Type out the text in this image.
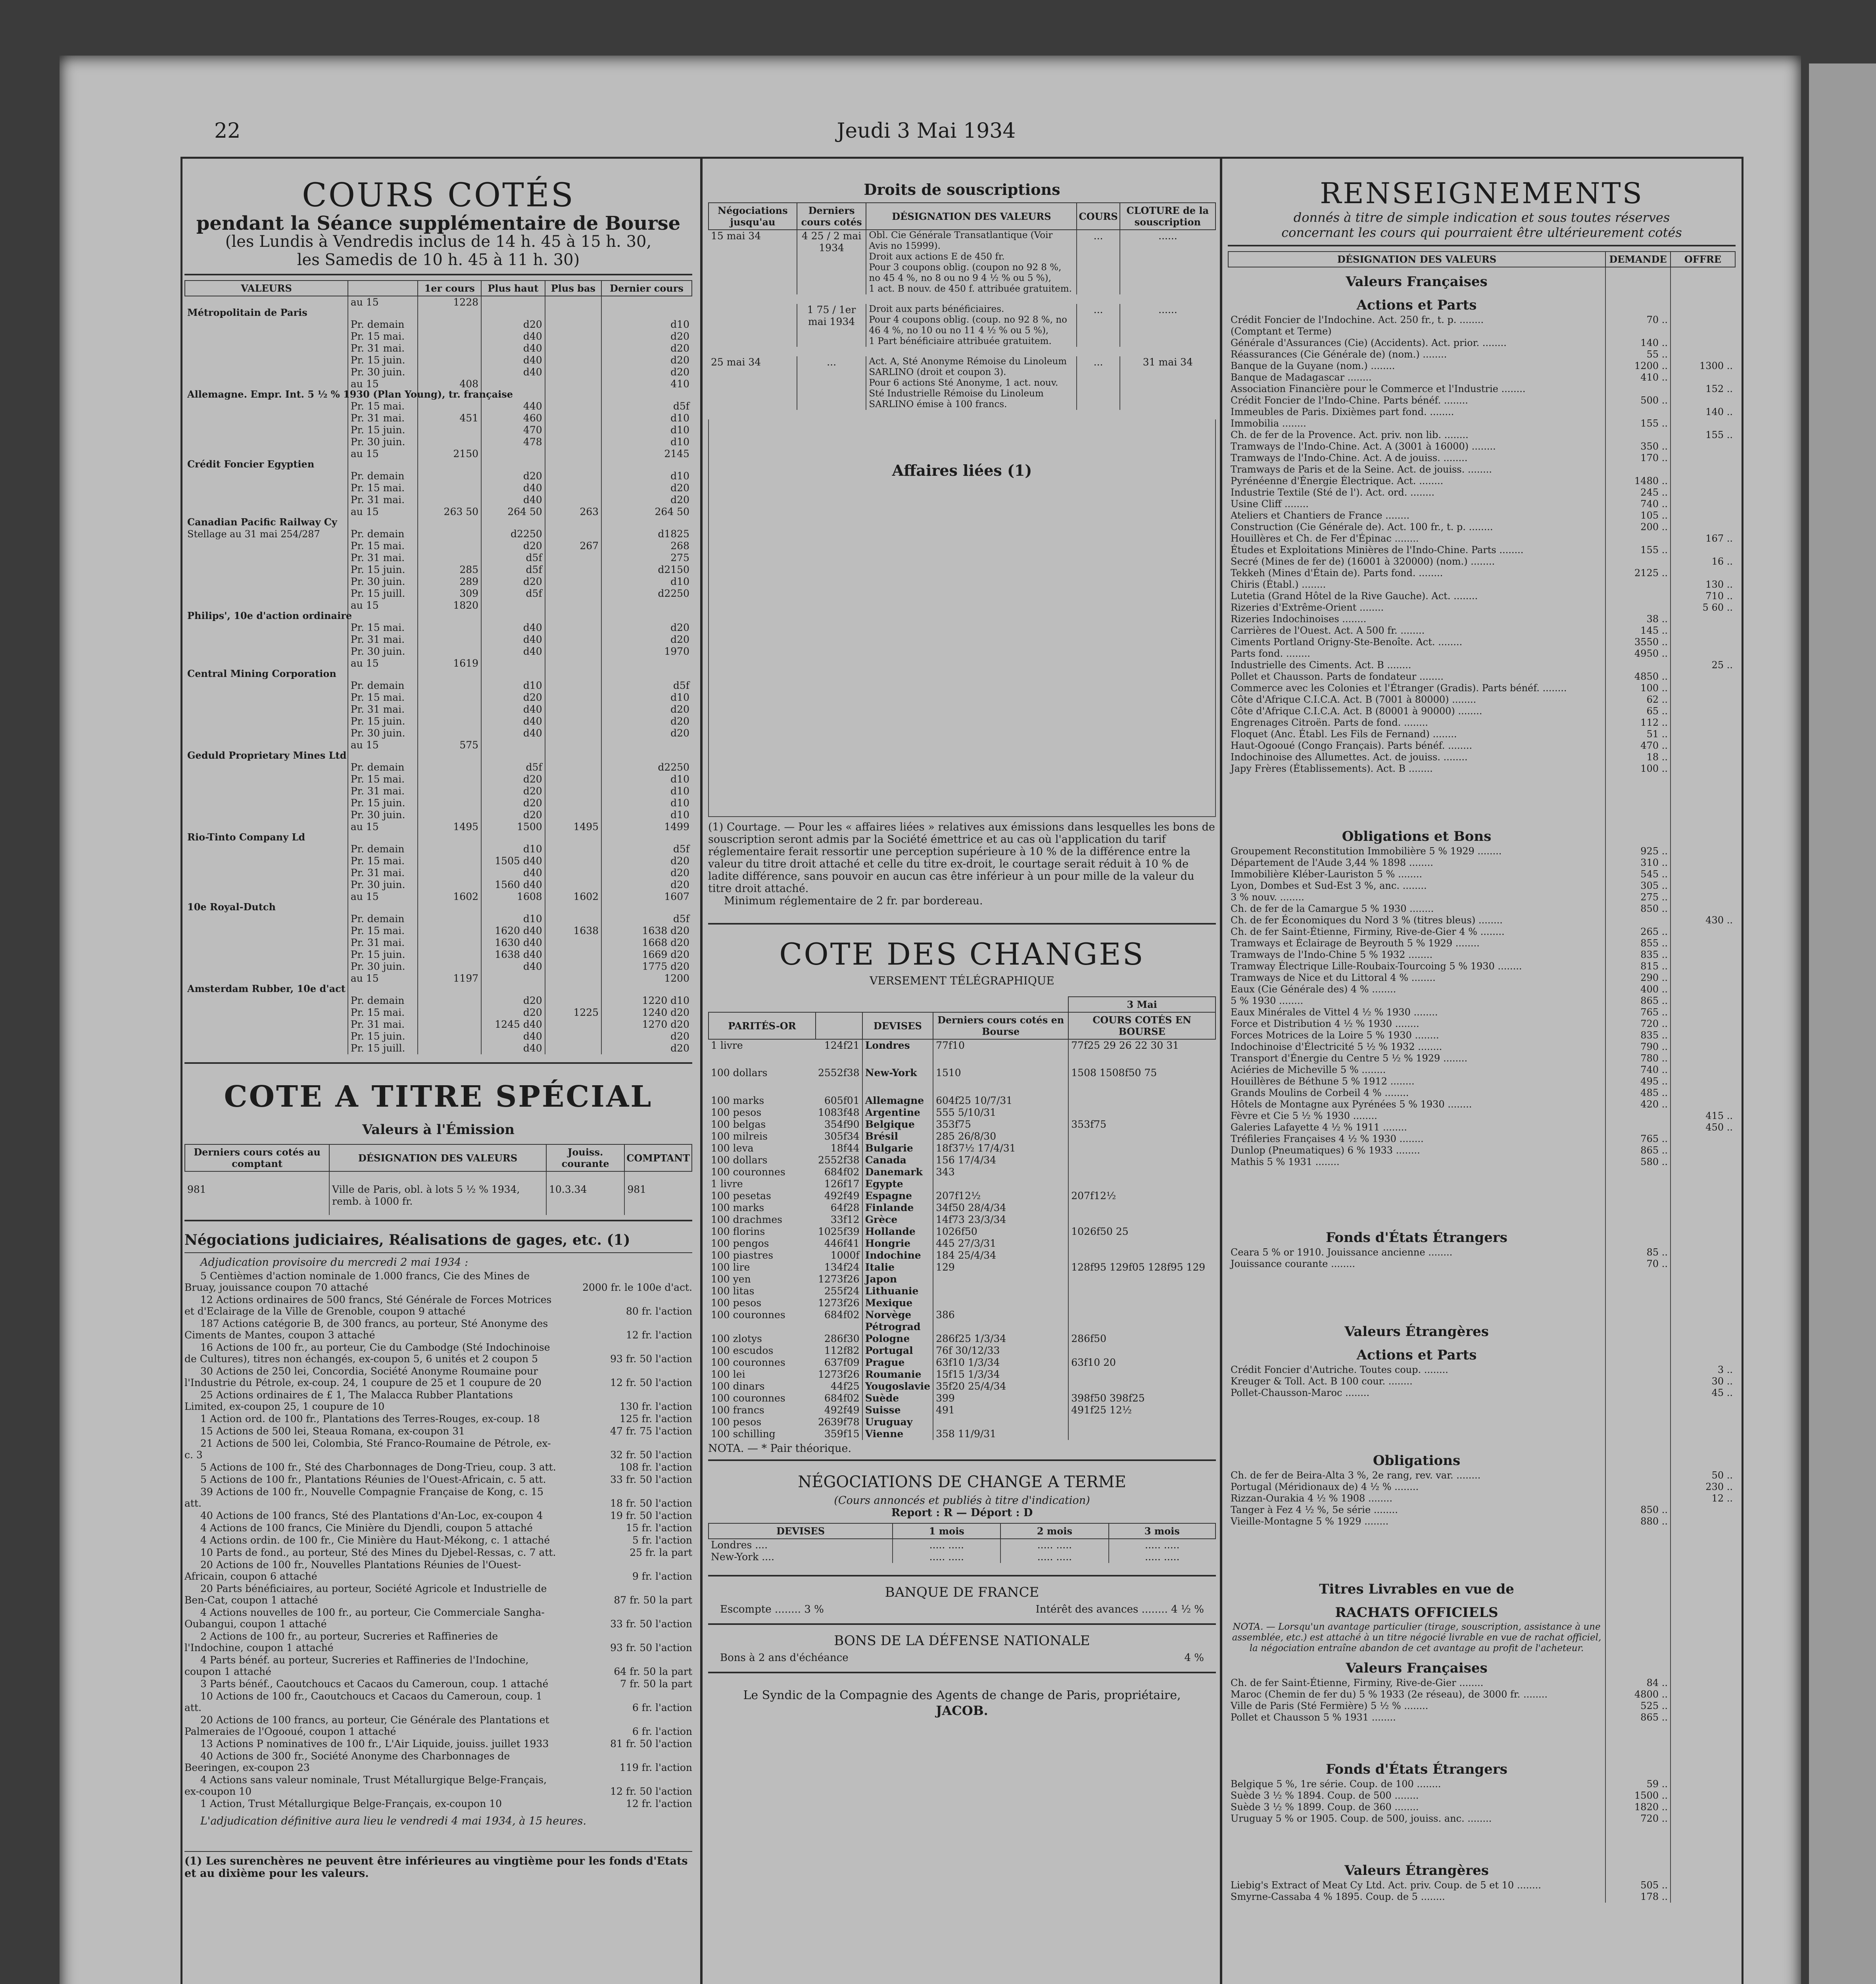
22	Jeudi 3 Mai 1934
COURS COTÉS
pendant la Séance supplémentaire de Bourse
(les Lundis à Vendredis inclus de 14 h. 45 à 15 h. 30,
les Samedis de 10 h. 45 à 11 h. 30)
VALEURS		1er cours	Plus haut	Plus bas	Dernier cours
Métropolitain de Paris	au 15	1228			
	Pr. demain		d20		d10
	Pr. 15 mai.		d40		d20
	Pr. 31 mai.		d40		d20
	Pr. 15 juin.		d40		d20
	Pr. 30 juin.		d40		d20
Allemagne. Empr. Int. 5 ½ % 1930 (Plan Young), tr. française	au 15	408			410
	Pr. 15 mai.		440		d5f
	Pr. 31 mai.	451	460		d10
	Pr. 15 juin.		470		d10
	Pr. 30 juin.		478		d10
Crédit Foncier Egyptien	au 15	2150			2145
	Pr. demain		d20		d10
	Pr. 15 mai.		d40		d20
	Pr. 31 mai.		d40		d20
Canadian Pacific Railway Cy	au 15	263 50	264 50	263	264 50
Stellage au 31 mai 254/287	Pr. demain		d2250		d1825
	Pr. 15 mai.		d20	267	268
	Pr. 31 mai.		d5f		275
	Pr. 15 juin.	285	d5f		d2150
	Pr. 30 juin.	289	d20		d10
	Pr. 15 juill.	309	d5f		d2250
Philips', 10e d'action ordinaire	au 15	1820			
	Pr. 15 mai.		d40		d20
	Pr. 31 mai.		d40		d20
	Pr. 30 juin.		d40		1970
Central Mining Corporation	au 15	1619			
	Pr. demain		d10		d5f
	Pr. 15 mai.		d20		d10
	Pr. 31 mai.		d40		d20
	Pr. 15 juin.		d40		d20
	Pr. 30 juin.		d40		d20
Geduld Proprietary Mines Ltd	au 15	575			
	Pr. demain		d5f		d2250
	Pr. 15 mai.		d20		d10
	Pr. 31 mai.		d20		d10
	Pr. 15 juin.		d20		d10
	Pr. 30 juin.		d20		d10
Rio-Tinto Company Ld	au 15	1495	1500	1495	1499
	Pr. demain		d10		d5f
	Pr. 15 mai.		1505 d40		d20
	Pr. 31 mai.		d40		d20
	Pr. 30 juin.		1560 d40		d20
10e Royal-Dutch	au 15	1602	1608	1602	1607
	Pr. demain		d10		d5f
	Pr. 15 mai.		1620 d40	1638	1638 d20
	Pr. 31 mai.		1630 d40		1668 d20
	Pr. 15 juin.		1638 d40		1669 d20
	Pr. 30 juin.		d40		1775 d20
Amsterdam Rubber, 10e d'act	au 15	1197			1200
	Pr. demain		d20		1220 d10
	Pr. 15 mai.		d20	1225	1240 d20
	Pr. 31 mai.		1245 d40		1270 d20
	Pr. 15 juin.		d40		d20
	Pr. 15 juill.		d40		d20
COTE A TITRE SPÉCIAL
Valeurs à l'Émission
Derniers cours cotés au comptant	DÉSIGNATION DES VALEURS	Jouiss. courante	COMPTANT
981	Ville de Paris, obl. à lots 5 ½ % 1934, remb. à 1000 fr.	10.3.34	981
Négociations judiciaires, Réalisations de gages, etc. (1)
Adjudication provisoire du mercredi 2 mai 1934 :
5 Centièmes d'action nominale de 1.000 francs, Cie des Mines de Bruay, jouissance coupon 70 attaché	2000 fr. le 100e d'act.
12 Actions ordinaires de 500 francs, Sté Générale de Forces Motrices et d'Eclairage de la Ville de Grenoble, coupon 9 attaché	80 fr. l'action
187 Actions catégorie B, de 300 francs, au porteur, Sté Anonyme des Ciments de Mantes, coupon 3 attaché	12 fr. l'action
16 Actions de 100 fr., au porteur, Cie du Cambodge (Sté Indochinoise de Cultures), titres non échangés, ex-coupon 5, 6 unités et 2 coupon 5	93 fr. 50 l'action
30 Actions de 250 lei, Concordia, Société Anonyme Roumaine pour l'Industrie du Pétrole, ex-coup. 24, 1 coupure de 25 et 1 coupure de 20	12 fr. 50 l'action
25 Actions ordinaires de £ 1, The Malacca Rubber Plantations Limited, ex-coupon 25, 1 coupure de 10	130 fr. l'action
1 Action ord. de 100 fr., Plantations des Terres-Rouges, ex-coup. 18	125 fr. l'action
15 Actions de 500 lei, Steaua Romana, ex-coupon 31	47 fr. 75 l'action
21 Actions de 500 lei, Colombia, Sté Franco-Roumaine de Pétrole, ex-c. 3	32 fr. 50 l'action
5 Actions de 100 fr., Sté des Charbonnages de Dong-Trieu, coup. 3 att.	108 fr. l'action
5 Actions de 100 fr., Plantations Réunies de l'Ouest-Africain, c. 5 att.	33 fr. 50 l'action
39 Actions de 100 fr., Nouvelle Compagnie Française de Kong, c. 15 att.	18 fr. 50 l'action
40 Actions de 100 francs, Sté des Plantations d'An-Loc, ex-coupon 4	19 fr. 50 l'action
4 Actions de 100 francs, Cie Minière du Djendli, coupon 5 attaché	15 fr. l'action
4 Actions ordin. de 100 fr., Cie Minière du Haut-Mékong, c. 1 attaché	5 fr. l'action
10 Parts de fond., au porteur, Sté des Mines du Djebel-Ressas, c. 7 att.	25 fr. la part
20 Actions de 100 fr., Nouvelles Plantations Réunies de l'Ouest-Africain, coupon 6 attaché	9 fr. l'action
20 Parts bénéficiaires, au porteur, Société Agricole et Industrielle de Ben-Cat, coupon 1 attaché	87 fr. 50 la part
4 Actions nouvelles de 100 fr., au porteur, Cie Commerciale Sangha-Oubangui, coupon 1 attaché	33 fr. 50 l'action
2 Actions de 100 fr., au porteur, Sucreries et Raffineries de l'Indochine, coupon 1 attaché	93 fr. 50 l'action
4 Parts bénéf. au porteur, Sucreries et Raffineries de l'Indochine, coupon 1 attaché	64 fr. 50 la part
3 Parts bénéf., Caoutchoucs et Cacaos du Cameroun, coup. 1 attaché	7 fr. 50 la part
10 Actions de 100 fr., Caoutchoucs et Cacaos du Cameroun, coup. 1 att.	6 fr. l'action
20 Actions de 100 francs, au porteur, Cie Générale des Plantations et Palmeraies de l'Ogooué, coupon 1 attaché	6 fr. l'action
13 Actions P nominatives de 100 fr., L'Air Liquide, jouiss. juillet 1933	81 fr. 50 l'action
40 Actions de 300 fr., Société Anonyme des Charbonnages de Beeringen, ex-coupon 23	119 fr. l'action
4 Actions sans valeur nominale, Trust Métallurgique Belge-Français, ex-coupon 10	12 fr. 50 l'action
1 Action, Trust Métallurgique Belge-Français, ex-coupon 10	12 fr. l'action
L'adjudication définitive aura lieu le vendredi 4 mai 1934, à 15 heures.
(1) Les surenchères ne peuvent être inférieures au vingtième pour les fonds d'Etats et au dixième pour les valeurs.
Droits de souscriptions
Négociations jusqu'au	Derniers cours cotés	DÉSIGNATION DES VALEURS	COURS	CLOTURE de la souscription
15 mai 34	4 25 / 2 mai 1934	Obl. Cie Générale Transatlantique (Voir Avis no 15999).
Droit aux actions E de 450 fr.
Pour 3 coupons oblig. (coupon no 92 8 %, no 45 4 %, no 8 ou no 9 4 ½ % ou 5 %),
1 act. B nouv. de 450 f. attribuée gratuitem.	...	......

	1 75 / 1er mai 1934	Droit aux parts bénéficiaires.
Pour 4 coupons oblig. (coup. no 92 8 %, no 46 4 %, no 10 ou no 11 4 ½ % ou 5 %),
1 Part bénéficiaire attribuée gratuitem.	...	......

25 mai 34	...	Act. A, Sté Anonyme Rémoise du Linoleum SARLINO (droit et coupon 3).
Pour 6 actions Sté Anonyme, 1 act. nouv. Sté Industrielle Rémoise du Linoleum SARLINO émise à 100 francs.	...	31 mai 34

Affaires liées (1)
(1) Courtage. — Pour les « affaires liées » relatives aux émissions dans lesquelles les bons de souscription seront admis par la Société émettrice et au cas où l'application du tarif réglementaire ferait ressortir une perception supérieure à 10 % de la différence entre la valeur du titre droit attaché et celle du titre ex-droit, le courtage serait réduit à 10 % de ladite différence, sans pouvoir en aucun cas être inférieur à un pour mille de la valeur du titre droit attaché.
Minimum réglementaire de 2 fr. par bordereau.
COTE DES CHANGES
VERSEMENT TÉLÉGRAPHIQUE
				3 Mai
PARITÉS-OR		DEVISES	Derniers cours cotés en Bourse	COURS COTÉS EN BOURSE
1 livre	124f21	Londres	77f10	77f25 29 26 22 30 31
100 dollars	2552f38	New-York	1510	1508 1508f50 75
100 marks	605f01	Allemagne	604f25 10/7/31	
100 pesos	1083f48	Argentine	555 5/10/31	
100 belgas	354f90	Belgique	353f75	353f75
100 milreis	305f34	Brésil	285 26/8/30	
100 leva	18f44	Bulgarie	18f37½ 17/4/31	
100 dollars	2552f38	Canada	156 17/4/34	
100 couronnes	684f02	Danemark	343	
1 livre	126f17	Egypte		
100 pesetas	492f49	Espagne	207f12½	207f12½
100 marks	64f28	Finlande	34f50 28/4/34	
100 drachmes	33f12	Grèce	14f73 23/3/34	
100 florins	1025f39	Hollande	1026f50	1026f50 25
100 pengos	446f41	Hongrie	445 27/3/31	
100 piastres	1000f	Indochine	184 25/4/34	
100 lire	134f24	Italie	129	128f95 129f05 128f95 129
100 yen	1273f26	Japon		
100 litas	255f24	Lithuanie		
100 pesos	1273f26	Mexique		
100 couronnes	684f02	Norvège	386	
		Pétrograd		
100 zlotys	286f30	Pologne	286f25 1/3/34	286f50
100 escudos	112f82	Portugal	76f 30/12/33	
100 couronnes	637f09	Prague	63f10 1/3/34	63f10 20
100 lei	1273f26	Roumanie	15f15 1/3/34	
100 dinars	44f25	Yougoslavie	35f20 25/4/34	
100 couronnes	684f02	Suède	399	398f50 398f25
100 francs	492f49	Suisse	491	491f25 12½
100 pesos	2639f78	Uruguay		
100 schilling	359f15	Vienne	358 11/9/31	
NOTA. — * Pair théorique.
NÉGOCIATIONS DE CHANGE A TERME
(Cours annoncés et publiés à titre d'indication)
Report : R — Déport : D
DEVISES	1 mois	2 mois	3 mois
Londres ....	..... .....	..... .....	..... .....
New-York ....	..... .....	..... .....	..... .....
BANQUE DE FRANCE
Escompte ........ 3 %	Intérêt des avances ........ 4 ½ %
BONS DE LA DÉFENSE NATIONALE
Bons à 2 ans d'échéance	4 %
Le Syndic de la Compagnie des Agents de change de Paris, propriétaire,
JACOB.
RENSEIGNEMENTS
donnés à titre de simple indication et sous toutes réserves
concernant les cours qui pourraient être ultérieurement cotés
DÉSIGNATION DES VALEURS	DEMANDE	OFFRE
Valeurs Françaises		
Actions et Parts		
Crédit Foncier de l'Indochine. Act. 250 fr., t. p. ........	70 ..	
(Comptant et Terme)		
Générale d'Assurances (Cie) (Accidents). Act. prior. ........	140 ..	
Réassurances (Cie Générale de) (nom.) ........	55 ..	
Banque de la Guyane (nom.) ........	1200 ..	1300 ..
Banque de Madagascar ........	410 ..	
Association Financière pour le Commerce et l'Industrie ........		152 ..
Crédit Foncier de l'Indo-Chine. Parts bénéf. ........	500 ..	
Immeubles de Paris. Dixièmes part fond. ........		140 ..
Immobilia ........	155 ..	
Ch. de fer de la Provence. Act. priv. non lib. ........		155 ..
Tramways de l'Indo-Chine. Act. A (3001 à 16000) ........	350 ..	
Tramways de l'Indo-Chine. Act. A de jouiss. ........	170 ..	
Tramways de Paris et de la Seine. Act. de jouiss. ........		
Pyrénéenne d'Énergie Électrique. Act. ........	1480 ..	
Industrie Textile (Sté de l'). Act. ord. ........	245 ..	
Usine Cliff ........	740 ..	
Ateliers et Chantiers de France ........	105 ..	
Construction (Cie Générale de). Act. 100 fr., t. p. ........	200 ..	
Houillères et Ch. de Fer d'Épinac ........		167 ..
Études et Exploitations Minières de l'Indo-Chine. Parts ........	155 ..	
Secré (Mines de fer de) (16001 à 320000) (nom.) ........		16 ..
Tekkeh (Mines d'Étain de). Parts fond. ........	2125 ..	
Chiris (Établ.) ........		130 ..
Lutetia (Grand Hôtel de la Rive Gauche). Act. ........		710 ..
Rizeries d'Extrême-Orient ........		5 60 ..
Rizeries Indochinoises ........	38 ..	
Carrières de l'Ouest. Act. A 500 fr. ........	145 ..	
Ciments Portland Origny-Ste-Benoîte. Act. ........	3550 ..	
Parts fond. ........	4950 ..	
Industrielle des Ciments. Act. B ........		25 ..
Pollet et Chausson. Parts de fondateur ........	4850 ..	
Commerce avec les Colonies et l'Étranger (Gradis). Parts bénéf. ........	100 ..	
Côte d'Afrique C.I.C.A. Act. B (7001 à 80000) ........	62 ..	
Côte d'Afrique C.I.C.A. Act. B (80001 à 90000) ........	65 ..	
Engrenages Citroën. Parts de fond. ........	112 ..	
Floquet (Anc. Établ. Les Fils de Fernand) ........	51 ..	
Haut-Ogooué (Congo Français). Parts bénéf. ........	470 ..	
Indochinoise des Allumettes. Act. de jouiss. ........	18 ..	
Japy Frères (Établissements). Act. B ........	100 ..	

Obligations et Bons		
Groupement Reconstitution Immobilière 5 % 1929 ........	925 ..	
Département de l'Aude 3,44 % 1898 ........	310 ..	
Immobilière Kléber-Lauriston 5 % ........	545 ..	
Lyon, Dombes et Sud-Est 3 %, anc. ........	305 ..	
3 % nouv. ........	275 ..	
Ch. de fer de la Camargue 5 % 1930 ........	850 ..	
Ch. de fer Économiques du Nord 3 % (titres bleus) ........		430 ..
Ch. de fer Saint-Étienne, Firminy, Rive-de-Gier 4 % ........	265 ..	
Tramways et Éclairage de Beyrouth 5 % 1929 ........	855 ..	
Tramways de l'Indo-Chine 5 % 1932 ........	835 ..	
Tramway Électrique Lille-Roubaix-Tourcoing 5 % 1930 ........	815 ..	
Tramways de Nice et du Littoral 4 % ........	290 ..	
Eaux (Cie Générale des) 4 % ........	400 ..	
5 % 1930 ........	865 ..	
Eaux Minérales de Vittel 4 ½ % 1930 ........	765 ..	
Force et Distribution 4 ½ % 1930 ........	720 ..	
Forces Motrices de la Loire 5 % 1930 ........	835 ..	
Indochinoise d'Électricité 5 ½ % 1932 ........	790 ..	
Transport d'Énergie du Centre 5 ½ % 1929 ........	780 ..	
Aciéries de Micheville 5 % ........	740 ..	
Houillères de Béthune 5 % 1912 ........	495 ..	
Grands Moulins de Corbeil 4 % ........	485 ..	
Hôtels de Montagne aux Pyrénées 5 % 1930 ........	420 ..	
Fèvre et Cie 5 ½ % 1930 ........		415 ..
Galeries Lafayette 4 ½ % 1911 ........		450 ..
Tréfileries Françaises 4 ½ % 1930 ........	765 ..	
Dunlop (Pneumatiques) 6 % 1933 ........	865 ..	
Mathis 5 % 1931 ........	580 ..	

Fonds d'États Étrangers		
Ceara 5 % or 1910. Jouissance ancienne ........	85 ..	
Jouissance courante ........	70 ..	

Valeurs Étrangères		
Actions et Parts		
Crédit Foncier d'Autriche. Toutes coup. ........		3 ..
Kreuger & Toll. Act. B 100 cour. ........		30 ..
Pollet-Chausson-Maroc ........		45 ..

Obligations		
Ch. de fer de Beira-Alta 3 %, 2e rang, rev. var. ........		50 ..
Portugal (Méridionaux de) 4 ½ % ........		230 ..
Rizzan-Ourakia 4 ½ % 1908 ........		12 ..
Tanger à Fez 4 ½ %, 5e série ........	850 ..	
Vieille-Montagne 5 % 1929 ........	880 ..	

Titres Livrables en vue de		
RACHATS OFFICIELS		
NOTA. — Lorsqu'un avantage particulier (tirage, souscription, assistance à une assemblée, etc.) est attaché à un titre négocié livrable en vue de rachat officiel, la négociation entraîne abandon de cet avantage au profit de l'acheteur.		
Valeurs Françaises		
Ch. de fer Saint-Étienne, Firminy, Rive-de-Gier ........	84 ..	
Maroc (Chemin de fer du) 5 % 1933 (2e réseau), de 3000 fr. ........	4800 ..	
Ville de Paris (Sté Fermière) 5 ½ % ........	525 ..	
Pollet et Chausson 5 % 1931 ........	865 ..	

Fonds d'États Étrangers		
Belgique 5 %, 1re série. Coup. de 100 ........	59 ..	
Suède 3 ½ % 1894. Coup. de 500 ........	1500 ..	
Suède 3 ½ % 1899. Coup. de 360 ........	1820 ..	
Uruguay 5 % or 1905. Coup. de 500, jouiss. anc. ........	720 ..	

Valeurs Étrangères		
Liebig's Extract of Meat Cy Ltd. Act. priv. Coup. de 5 et 10 ........	505 ..	
Smyrne-Cassaba 4 % 1895. Coup. de 5 ........	178 ..	
